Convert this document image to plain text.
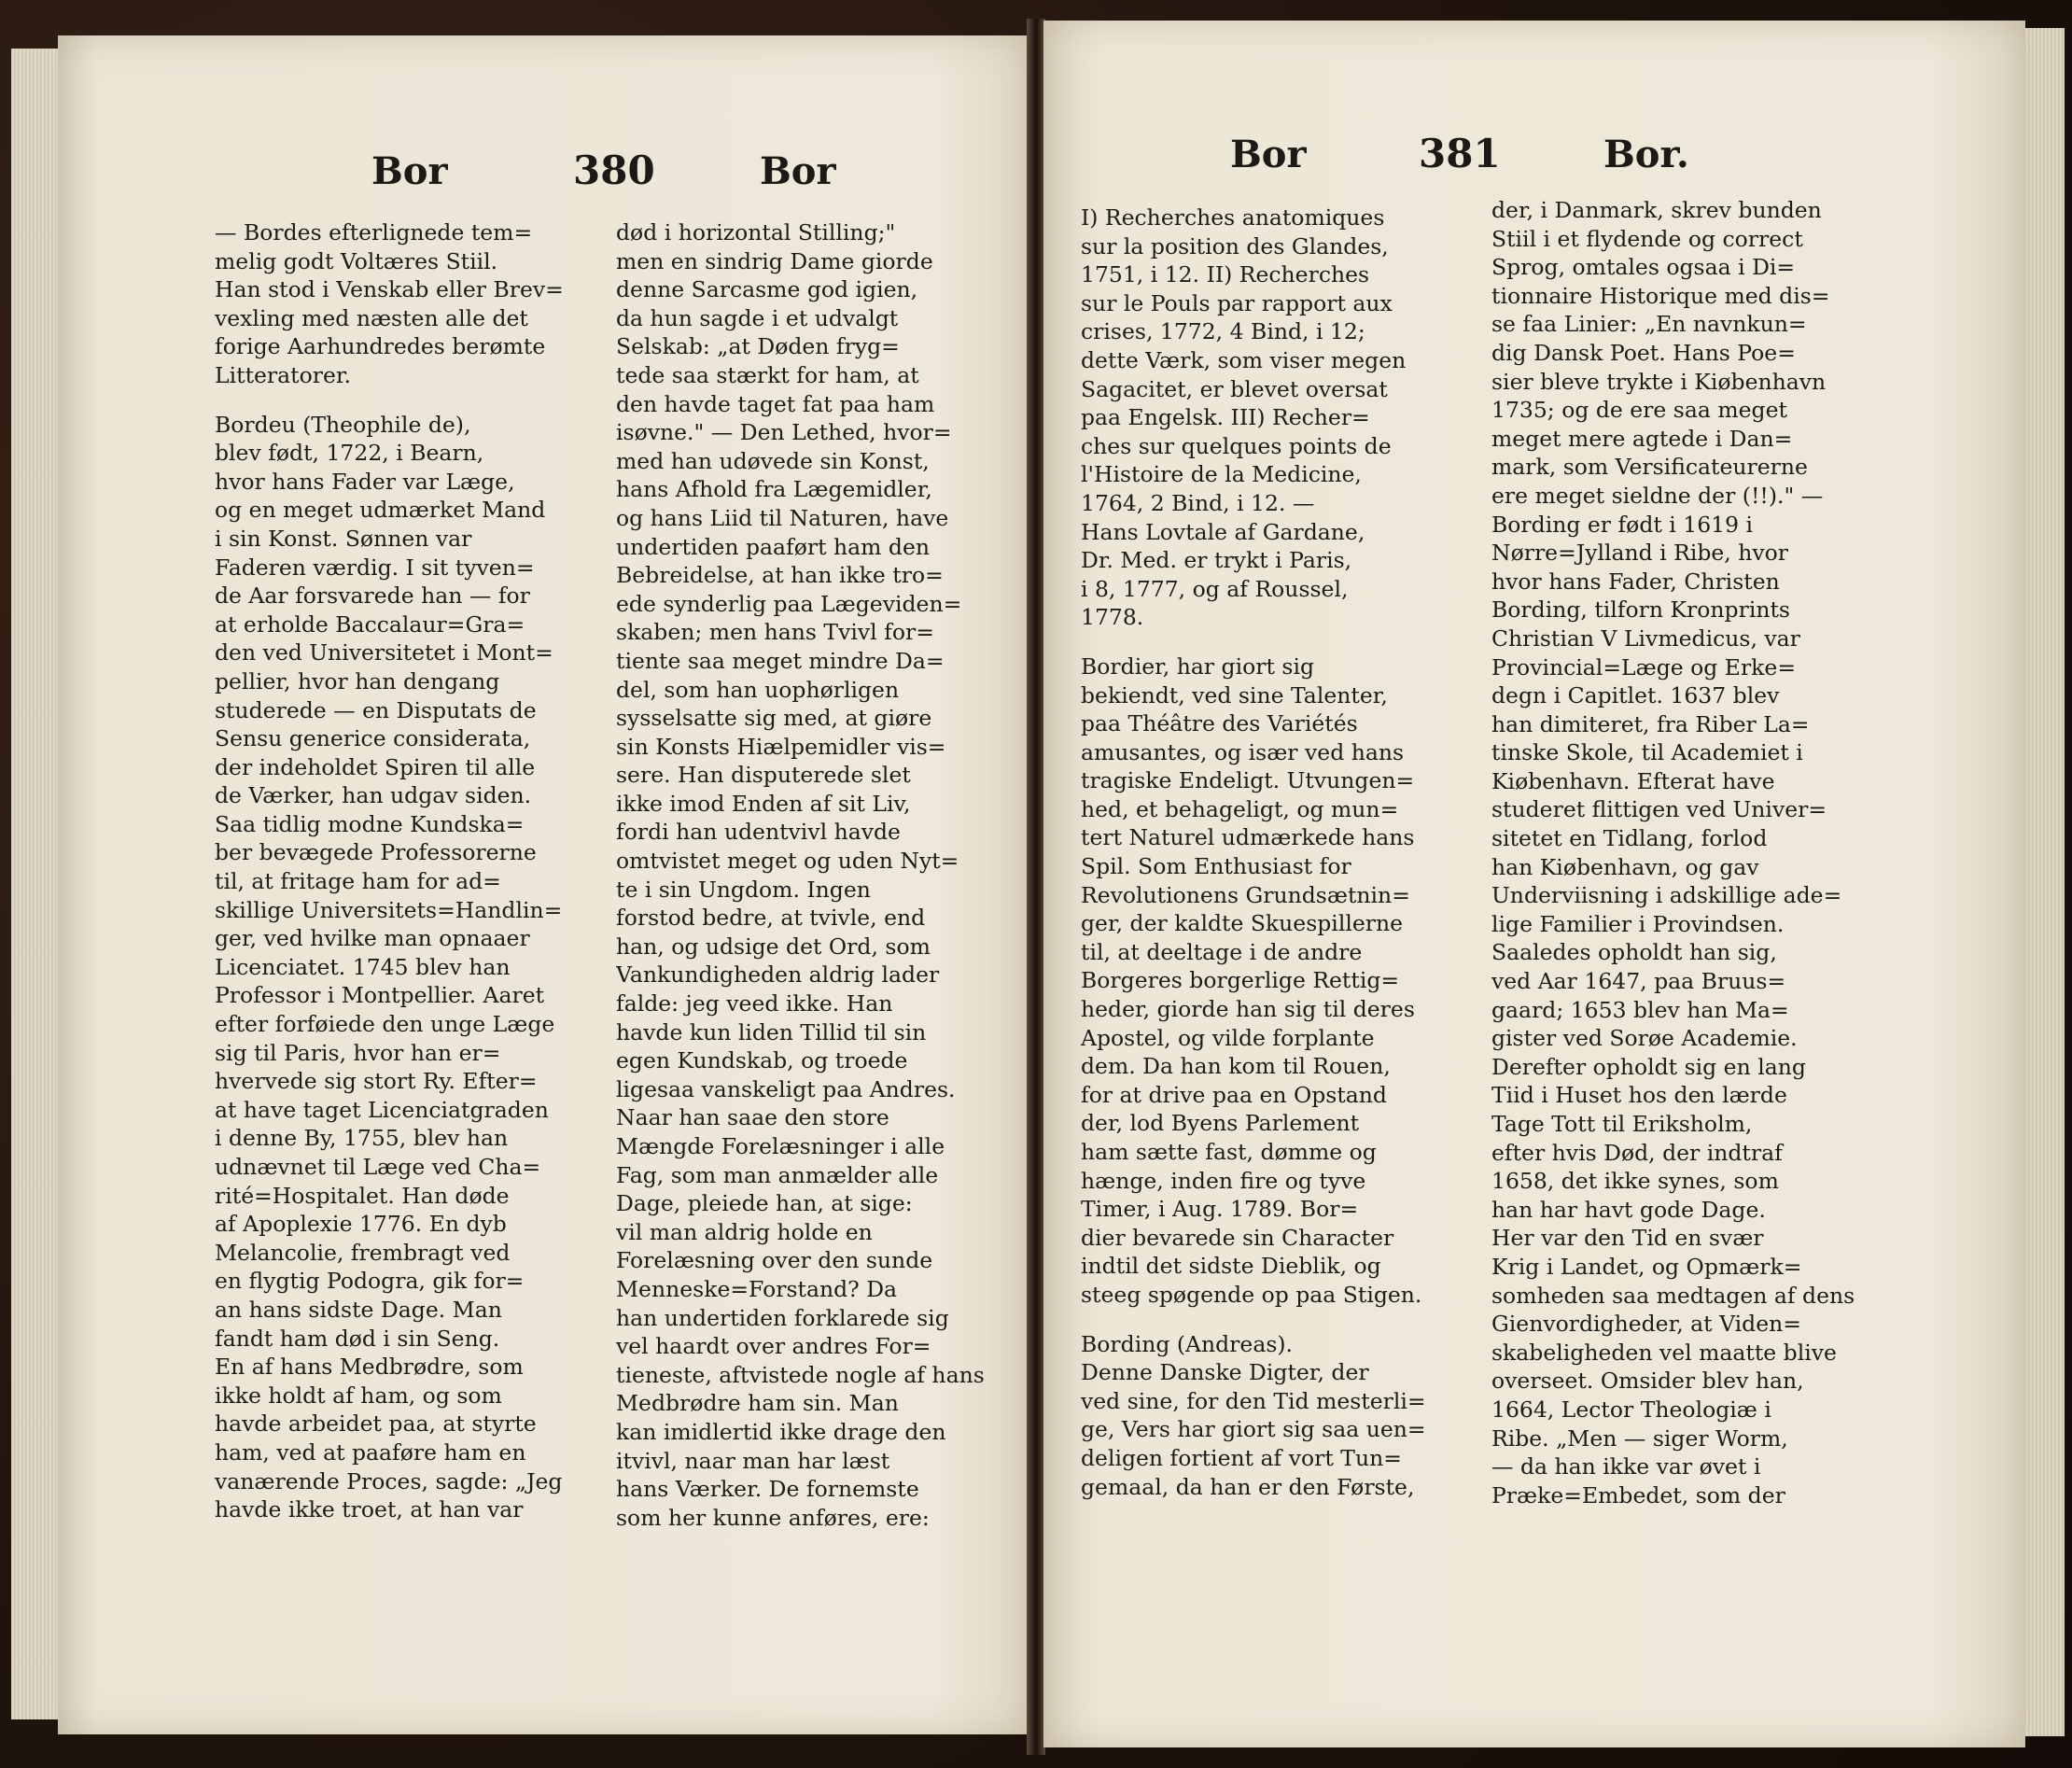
Bor	380	Bor
— Bordes efterlignede tem=
melig godt Voltæres Stiil.
Han stod i Venskab eller Brev=
vexling med næsten alle det
forige Aarhundredes berømte
Litteratorer.
Bordeu (Theophile de),
blev født, 1722, i Bearn,
hvor hans Fader var Læge,
og en meget udmærket Mand
i sin Konst. Sønnen var
Faderen værdig. I sit tyven=
de Aar forsvarede han — for
at erholde Baccalaur=Gra=
den ved Universitetet i Mont=
pellier, hvor han dengang
studerede — en Disputats de
Sensu generice considerata,
der indeholdet Spiren til alle
de Værker, han udgav siden.
Saa tidlig modne Kundska=
ber bevægede Professorerne
til, at fritage ham for ad=
skillige Universitets=Handlin=
ger, ved hvilke man opnaaer
Licenciatet. 1745 blev han
Professor i Montpellier. Aaret
efter forføiede den unge Læge
sig til Paris, hvor han er=
hvervede sig stort Ry. Efter=
at have taget Licenciatgraden
i denne By, 1755, blev han
udnævnet til Læge ved Cha=
rité=Hospitalet. Han døde
af Apoplexie 1776. En dyb
Melancolie, frembragt ved
en flygtig Podogra, gik for=
an hans sidste Dage. Man
fandt ham død i sin Seng.
En af hans Medbrødre, som
ikke holdt af ham, og som
havde arbeidet paa, at styrte
ham, ved at paaføre ham en
vanærende Proces, sagde: „Jeg
havde ikke troet, at han var
død i horizontal Stilling;"
men en sindrig Dame giorde
denne Sarcasme god igien,
da hun sagde i et udvalgt
Selskab: „at Døden fryg=
tede saa stærkt for ham, at
den havde taget fat paa ham
isøvne." — Den Lethed, hvor=
med han udøvede sin Konst,
hans Afhold fra Lægemidler,
og hans Liid til Naturen, have
undertiden paaført ham den
Bebreidelse, at han ikke tro=
ede synderlig paa Lægeviden=
skaben; men hans Tvivl for=
tiente saa meget mindre Da=
del, som han uophørligen
sysselsatte sig med, at giøre
sin Konsts Hiælpemidler vis=
sere. Han disputerede slet
ikke imod Enden af sit Liv,
fordi han udentvivl havde
omtvistet meget og uden Nyt=
te i sin Ungdom. Ingen
forstod bedre, at tvivle, end
han, og udsige det Ord, som
Vankundigheden aldrig lader
falde: jeg veed ikke. Han
havde kun liden Tillid til sin
egen Kundskab, og troede
ligesaa vanskeligt paa Andres.
Naar han saae den store
Mængde Forelæsninger i alle
Fag, som man anmælder alle
Dage, pleiede han, at sige:
vil man aldrig holde en
Forelæsning over den sunde
Menneske=Forstand? Da
han undertiden forklarede sig
vel haardt over andres For=
tieneste, aftvistede nogle af hans
Medbrødre ham sin. Man
kan imidlertid ikke drage den
itvivl, naar man har læst
hans Værker. De fornemste
som her kunne anføres, ere:
Bor	381	Bor.
I) Recherches anatomiques
sur la position des Glandes,
1751, i 12. II) Recherches
sur le Pouls par rapport aux
crises, 1772, 4 Bind, i 12;
dette Værk, som viser megen
Sagacitet, er blevet oversat
paa Engelsk. III) Recher=
ches sur quelques points de
l'Histoire de la Medicine,
1764, 2 Bind, i 12. —
Hans Lovtale af Gardane,
Dr. Med. er trykt i Paris,
i 8, 1777, og af Roussel,
1778.
Bordier, har giort sig
bekiendt, ved sine Talenter,
paa Théâtre des Variétés
amusantes, og især ved hans
tragiske Endeligt. Utvungen=
hed, et behageligt, og mun=
tert Naturel udmærkede hans
Spil. Som Enthusiast for
Revolutionens Grundsætnin=
ger, der kaldte Skuespillerne
til, at deeltage i de andre
Borgeres borgerlige Rettig=
heder, giorde han sig til deres
Apostel, og vilde forplante
dem. Da han kom til Rouen,
for at drive paa en Opstand
der, lod Byens Parlement
ham sætte fast, dømme og
hænge, inden fire og tyve
Timer, i Aug. 1789. Bor=
dier bevarede sin Character
indtil det sidste Dieblik, og
steeg spøgende op paa Stigen.
Bording (Andreas).
Denne Danske Digter, der
ved sine, for den Tid mesterli=
ge, Vers har giort sig saa uen=
deligen fortient af vort Tun=
gemaal, da han er den Første,
der, i Danmark, skrev bunden
Stiil i et flydende og correct
Sprog, omtales ogsaa i Di=
tionnaire Historique med dis=
se faa Linier: „En navnkun=
dig Dansk Poet. Hans Poe=
sier bleve trykte i Kiøbenhavn
1735; og de ere saa meget
meget mere agtede i Dan=
mark, som Versificateurerne
ere meget sieldne der (!!)." —
Bording er født i 1619 i
Nørre=Jylland i Ribe, hvor
hvor hans Fader, Christen
Bording, tilforn Kronprints
Christian V Livmedicus, var
Provincial=Læge og Erke=
degn i Capitlet. 1637 blev
han dimiteret, fra Riber La=
tinske Skole, til Academiet i
Kiøbenhavn. Efterat have
studeret flittigen ved Univer=
sitetet en Tidlang, forlod
han Kiøbenhavn, og gav
Underviisning i adskillige ade=
lige Familier i Provindsen.
Saaledes opholdt han sig,
ved Aar 1647, paa Bruus=
gaard; 1653 blev han Ma=
gister ved Sorøe Academie.
Derefter opholdt sig en lang
Tiid i Huset hos den lærde
Tage Tott til Eriksholm,
efter hvis Død, der indtraf
1658, det ikke synes, som
han har havt gode Dage.
Her var den Tid en svær
Krig i Landet, og Opmærk=
somheden saa medtagen af dens
Gienvordigheder, at Viden=
skabeligheden vel maatte blive
overseet. Omsider blev han,
1664, Lector Theologiæ i
Ribe. „Men — siger Worm,
— da han ikke var øvet i
Præke=Embedet, som der
